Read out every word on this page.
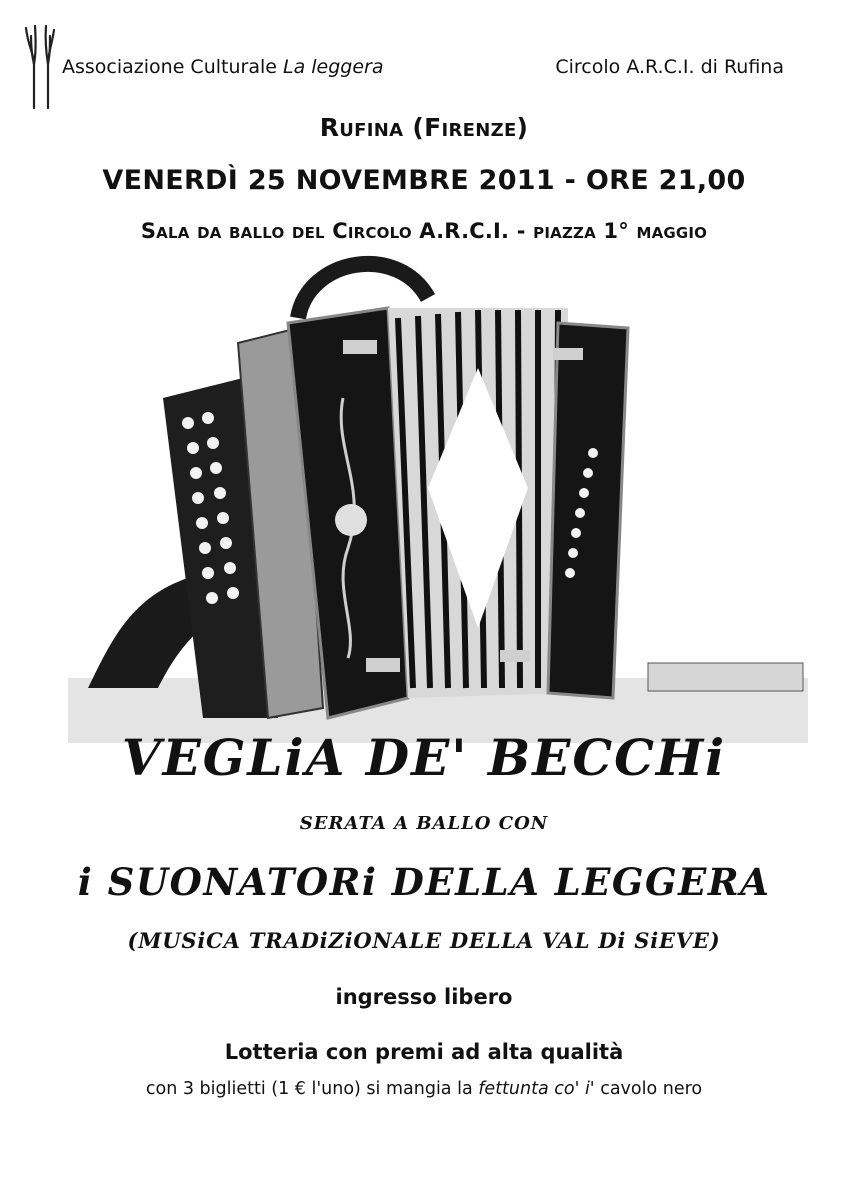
Associazione Culturale La leggera	Circolo A.R.C.I. di Rufina
Rufina (Firenze)
VENERDÌ 25 NOVEMBRE 2011 - ORE 21,00
Sala da ballo del Circolo A.R.C.I. - piazza 1° maggio
VEGLiA DE' BECCHi
SERATA A BALLO CON
i SUONATORi DELLA LEGGERA
(MUSiCA TRADiZiONALE DELLA VAL Di SiEVE)
ingresso libero
Lotteria con premi ad alta qualità
con 3 biglietti (1 € l'uno) si mangia la fettunta co' i' cavolo nero
